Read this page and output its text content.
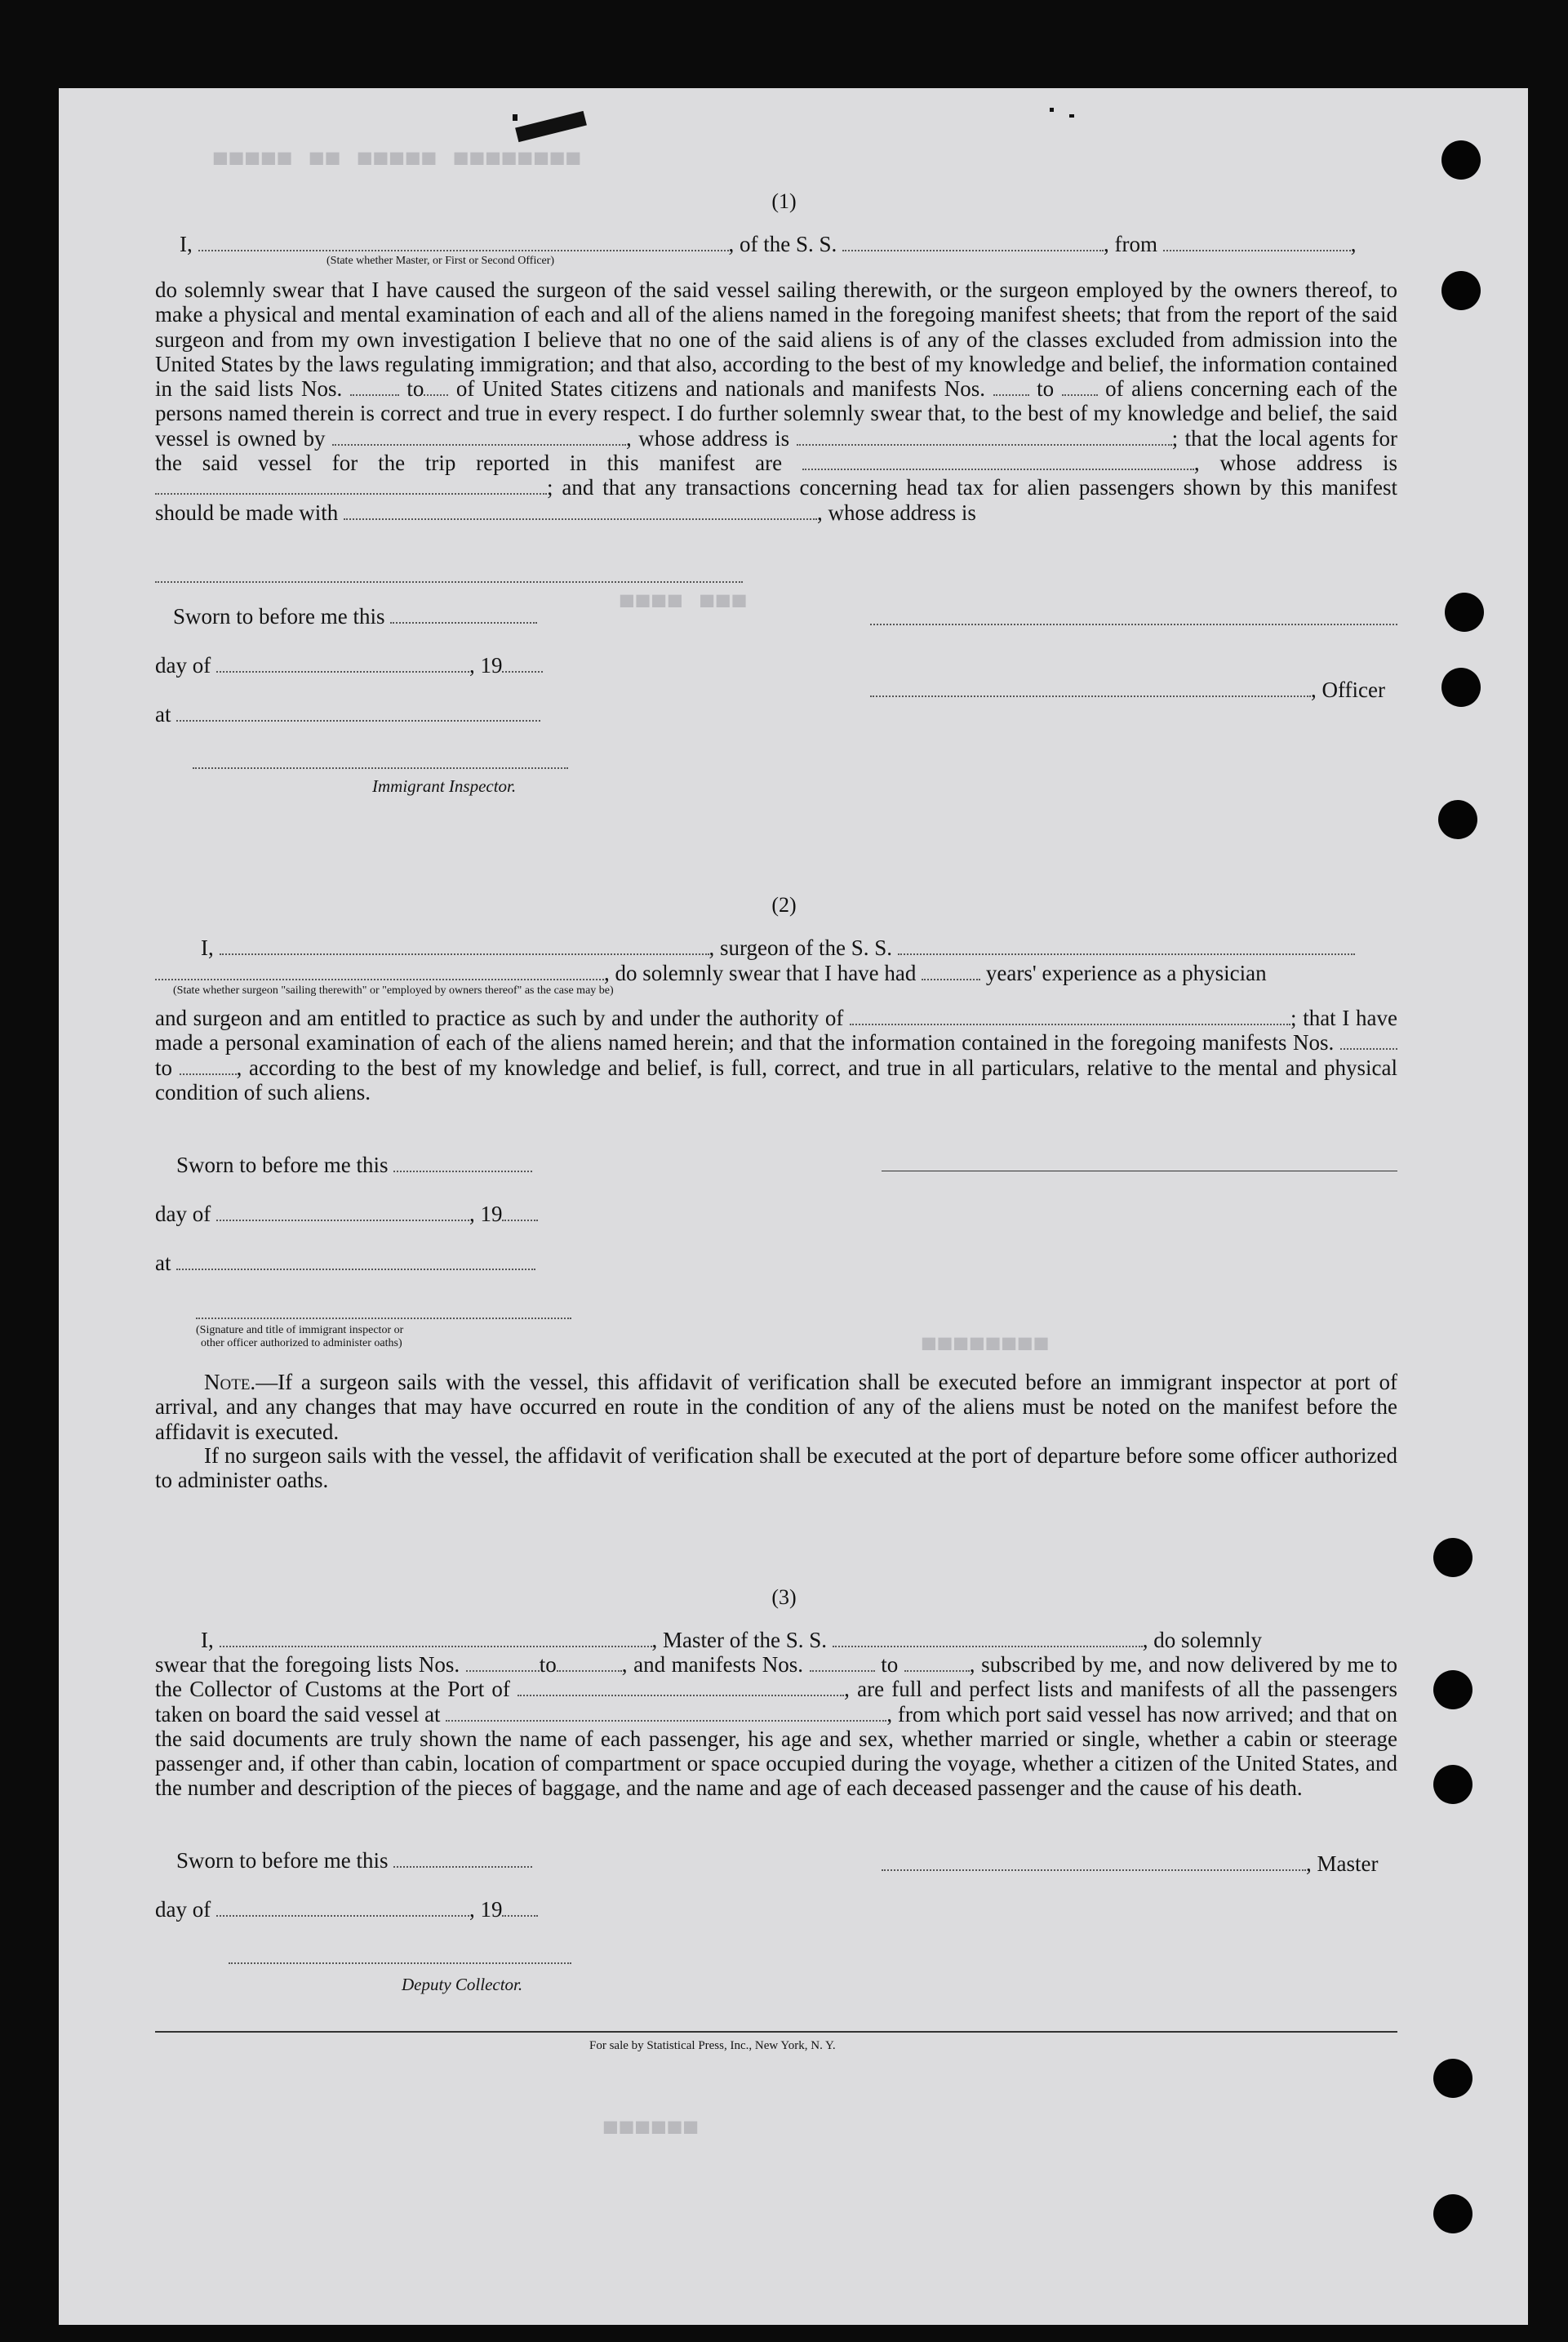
▀▀▀▀▀ ▀▀ ▀▀▀▀▀ ▀▀▀▀▀▀▀▀
▀▀▀▀ ▀▀▀
▀▀▀▀▀▀▀▀
▀▀▀▀▀▀
(1)
I,	, of the S. S.	, from	,
(State whether Master, or First or Second Officer)
do solemnly swear that I have caused the surgeon of the said vessel sailing therewith, or the surgeon employed by the owners thereof, to make a physical and mental examination of each and all of the aliens named in the foregoing manifest sheets; that from the report of the said surgeon and from my own investigation I believe that no one of the said aliens is of any of the classes excluded from admission into the United States by the laws regulating immigration; and that also, according to the best of my knowledge and belief, the information contained in the said lists Nos.	to of United States citizens and nationals and manifests Nos. to of aliens concerning each of the persons named therein is correct and true in every respect. I do further solemnly swear that, to the best of my knowledge and belief, the said vessel is owned by	, whose address is	; that the local agents for the said vessel for the trip reported in this manifest are	, whose address is ; and that any transactions concerning head tax for alien passengers shown by this manifest should be made with	, whose address is
Sworn to before me this
day of	, 19
, Officer
at
Immigrant Inspector.
(2)
I,	, surgeon of the S. S.
, do solemnly swear that I have had	years' experience as a physician
(State whether surgeon "sailing therewith" or "employed by owners thereof" as the case may be)
and surgeon and am entitled to practice as such by and under the authority of	; that I have made a personal examination of each of the aliens named herein; and that the information contained in the foregoing manifests Nos.  to	, according to the best of my knowledge and belief, is full, correct, and true in all particulars, relative to the mental and physical condition of such aliens.
Sworn to before me this
day of	, 19
at
(Signature and title of immigrant inspector or
other officer authorized to administer oaths)
Note.—If a surgeon sails with the vessel, this affidavit of verification shall be executed before an immigrant inspector at port of arrival, and any changes that may have occurred en route in the condition of any of the aliens must be noted on the manifest before the affidavit is executed.
If no surgeon sails with the vessel, the affidavit of verification shall be executed at the port of departure before some officer authorized to administer oaths.
(3)
I,	, Master of the S. S.	, do solemnly
swear that the foregoing lists Nos.	to	, and manifests Nos.	to	, subscribed by me, and now delivered by me to the Collector of Customs at the Port of	, are full and perfect lists and manifests of all the passengers taken on board the said vessel at	, from which port said vessel has now arrived; and that on the said documents are truly shown the name of each passenger, his age and sex, whether married or single, whether a cabin or steerage passenger and, if other than cabin, location of compartment or space occupied during the voyage, whether a citizen of the United States, and the number and description of the pieces of baggage, and the name and age of each deceased passenger and the cause of his death.
Sworn to before me this	, Master
day of	, 19
Deputy Collector.
For sale by Statistical Press, Inc., New York, N. Y.
